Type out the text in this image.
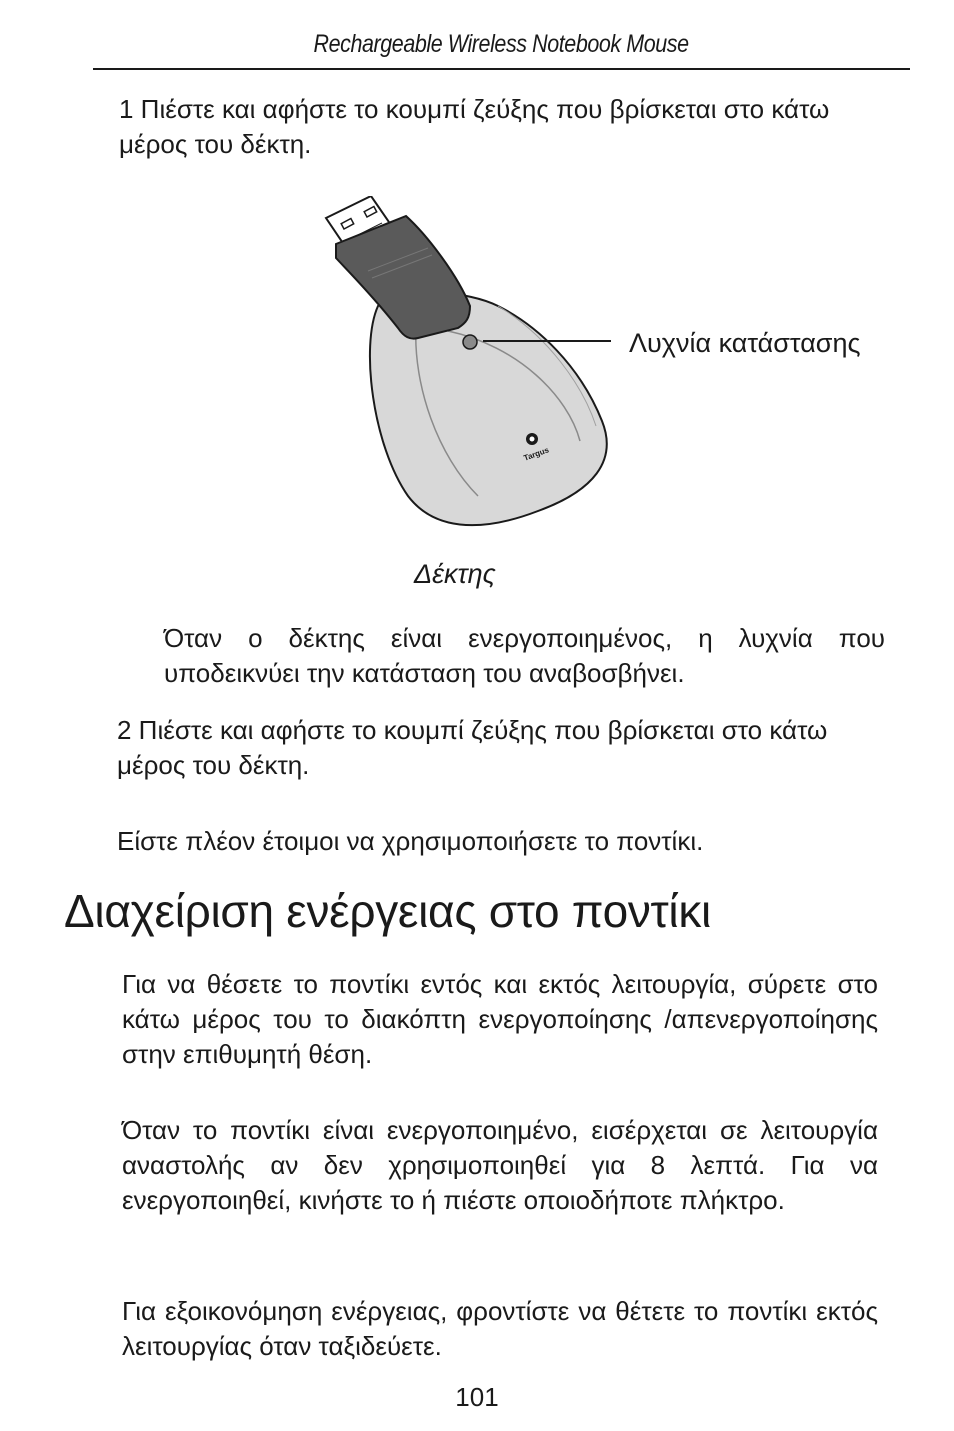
Rechargeable Wireless Notebook Mouse

1 Πιέστε και αφήστε το κουμπί ζεύξης που βρίσκεται στο κάτω μέρος του δέκτη.

Targus
Λυχνία κατάστασης
Δέκτης

Όταν ο δέκτης είναι ενεργοποιημένος, η λυχνία που υποδεικνύει την κατάσταση του αναβοσβήνει.

2 Πιέστε και αφήστε το κουμπί ζεύξης που βρίσκεται στο κάτω μέρος του δέκτη.

Είστε πλέον έτοιμοι να χρησιμοποιήσετε το ποντίκι.

Διαχείριση ενέργειας στο ποντίκι

Για να θέσετε το ποντίκι εντός και εκτός λειτουργία, σύρετε στο κάτω μέρος του το διακόπτη ενεργοποίησης /απενεργοποίησης στην επιθυμητή θέση.

Όταν το ποντίκι είναι ενεργοποιημένο, εισέρχεται σε λειτουργία αναστολής αν δεν χρησιμοποιηθεί για 8 λεπτά. Για να ενεργοποιηθεί, κινήστε το ή πιέστε οποιοδήποτε πλήκτρο.

Για εξοικονόμηση ενέργειας, φροντίστε να θέτετε το ποντίκι εκτός λειτουργίας όταν ταξιδεύετε.

101
